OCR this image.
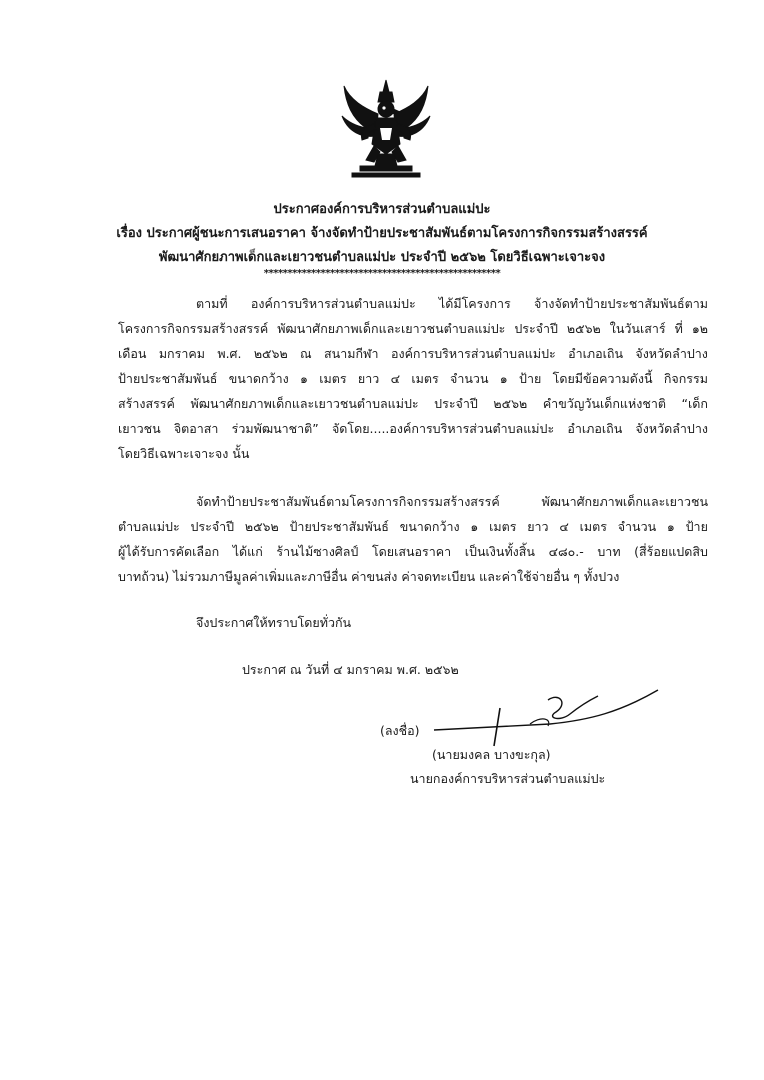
ประกาศองค์การบริหารส่วนตำบลแม่ปะ
เรื่อง ประกาศผู้ชนะการเสนอราคา จ้างจัดทำป้ายประชาสัมพันธ์ตามโครงการกิจกรรมสร้างสรรค์
พัฒนาศักยภาพเด็กและเยาวชนตำบลแม่ปะ ประจำปี ๒๕๖๒ โดยวิธีเฉพาะเจาะจง
**************************************************
ตามที่ องค์การบริหารส่วนตำบลแม่ปะ ได้มีโครงการ จ้างจัดทำป้ายประชาสัมพันธ์ตาม
โครงการกิจกรรมสร้างสรรค์ พัฒนาศักยภาพเด็กและเยาวชนตำบลแม่ปะ ประจำปี ๒๕๖๒ ในวันเสาร์ ที่ ๑๒
เดือน มกราคม พ.ศ. ๒๕๖๒ ณ สนามกีฬา องค์การบริหารส่วนตำบลแม่ปะ อำเภอเถิน จังหวัดลำปาง
ป้ายประชาสัมพันธ์ ขนาดกว้าง ๑ เมตร ยาว ๔ เมตร จำนวน ๑ ป้าย โดยมีข้อความดังนี้ กิจกรรม
สร้างสรรค์ พัฒนาศักยภาพเด็กและเยาวชนตำบลแม่ปะ ประจำปี ๒๕๖๒ คำขวัญวันเด็กแห่งชาติ “เด็ก
เยาวชน จิตอาสา ร่วมพัฒนาชาติ” จัดโดย.....องค์การบริหารส่วนตำบลแม่ปะ อำเภอเถิน จังหวัดลำปาง
โดยวิธีเฉพาะเจาะจง นั้น
จัดทำป้ายประชาสัมพันธ์ตามโครงการกิจกรรมสร้างสรรค์	พัฒนาศักยภาพเด็กและเยาวชน
ตำบลแม่ปะ ประจำปี ๒๕๖๒ ป้ายประชาสัมพันธ์ ขนาดกว้าง ๑ เมตร ยาว ๔ เมตร จำนวน ๑ ป้าย
ผู้ได้รับการคัดเลือก ได้แก่ ร้านไม้ซางศิลป์ โดยเสนอราคา เป็นเงินทั้งสิ้น ๔๘๐.- บาท (สี่ร้อยแปดสิบ
บาทถ้วน) ไม่รวมภาษีมูลค่าเพิ่มและภาษีอื่น ค่าขนส่ง ค่าจดทะเบียน และค่าใช้จ่ายอื่น ๆ ทั้งปวง
จึงประกาศให้ทราบโดยทั่วกัน
ประกาศ ณ วันที่ ๔ มกราคม พ.ศ. ๒๕๖๒
(ลงชื่อ)
(นายมงคล บางขะกุล)
นายกองค์การบริหารส่วนตำบลแม่ปะ
